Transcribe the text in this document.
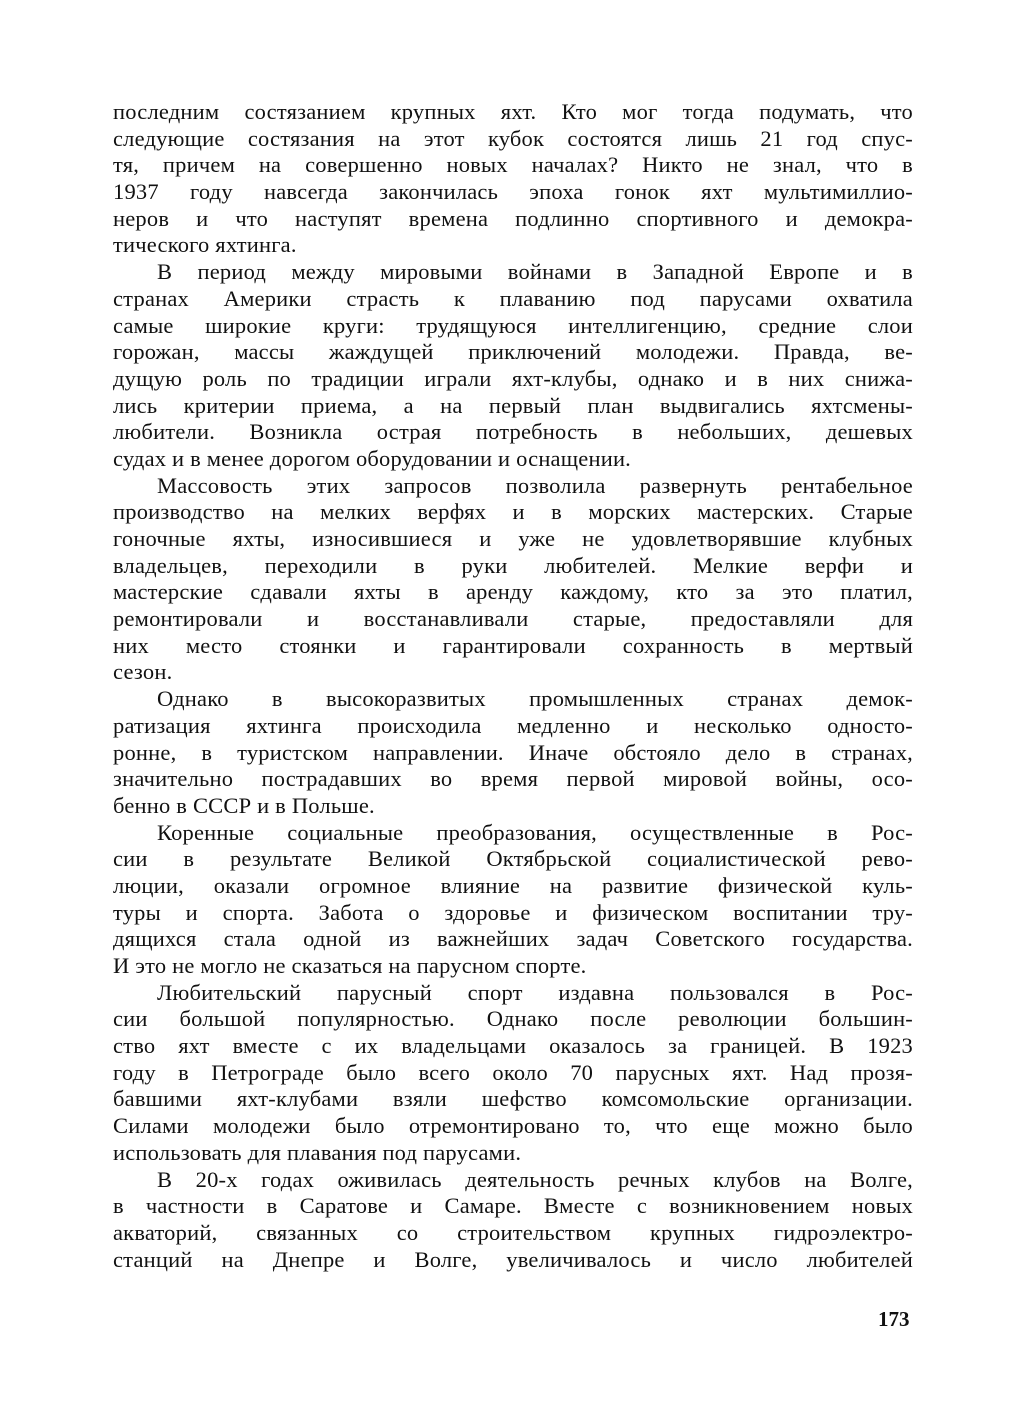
последним состязанием крупных яхт. Кто мог тогда подумать, что
следующие состязания на этот кубок состоятся лишь 21 год спус-
тя, причем на совершенно новых началах? Никто не знал, что в
1937 году навсегда закончилась эпоха гонок яхт мультимиллио-
неров и что наступят времена подлинно спортивного и демокра-
тического яхтинга.
В период между мировыми войнами в Западной Европе и в
странах Америки страсть к плаванию под парусами охватила
самые широкие круги: трудящуюся интеллигенцию, средние слои
горожан, массы жаждущей приключений молодежи. Правда, ве-
дущую роль по традиции играли яхт-клубы, однако и в них снижа-
лись критерии приема, а на первый план выдвигались яхтсмены-
любители. Возникла острая потребность в небольших, дешевых
судах и в менее дорогом оборудовании и оснащении.
Массовость этих запросов позволила развернуть рентабельное
производство на мелких верфях и в морских мастерских. Старые
гоночные яхты, износившиеся и уже не удовлетворявшие клубных
владельцев, переходили в руки любителей. Мелкие верфи и
мастерские сдавали яхты в аренду каждому, кто за это платил,
ремонтировали и восстанавливали старые, предоставляли для
них место стоянки и гарантировали сохранность в мертвый
сезон.
Однако в высокоразвитых промышленных странах демок-
ратизация яхтинга происходила медленно и несколько односто-
ронне, в туристском направлении. Иначе обстояло дело в странах,
значительно пострадавших во время первой мировой войны, осо-
бенно в СССР и в Польше.
Коренные социальные преобразования, осуществленные в Рос-
сии в результате Великой Октябрьской социалистической рево-
люции, оказали огромное влияние на развитие физической куль-
туры и спорта. Забота о здоровье и физическом воспитании тру-
дящихся стала одной из важнейших задач Советского государства.
И это не могло не сказаться на парусном спорте.
Любительский парусный спорт издавна пользовался в Рос-
сии большой популярностью. Однако после революции большин-
ство яхт вместе с их владельцами оказалось за границей. В 1923
году в Петрограде было всего около 70 парусных яхт. Над прозя-
бавшими яхт-клубами взяли шефство комсомольские организации.
Силами молодежи было отремонтировано то, что еще можно было
использовать для плавания под парусами.
В 20-х годах оживилась деятельность речных клубов на Волге,
в частности в Саратове и Самаре. Вместе с возникновением новых
акваторий, связанных со строительством крупных гидроэлектро-
станций на Днепре и Волге, увеличивалось и число любителей
173
